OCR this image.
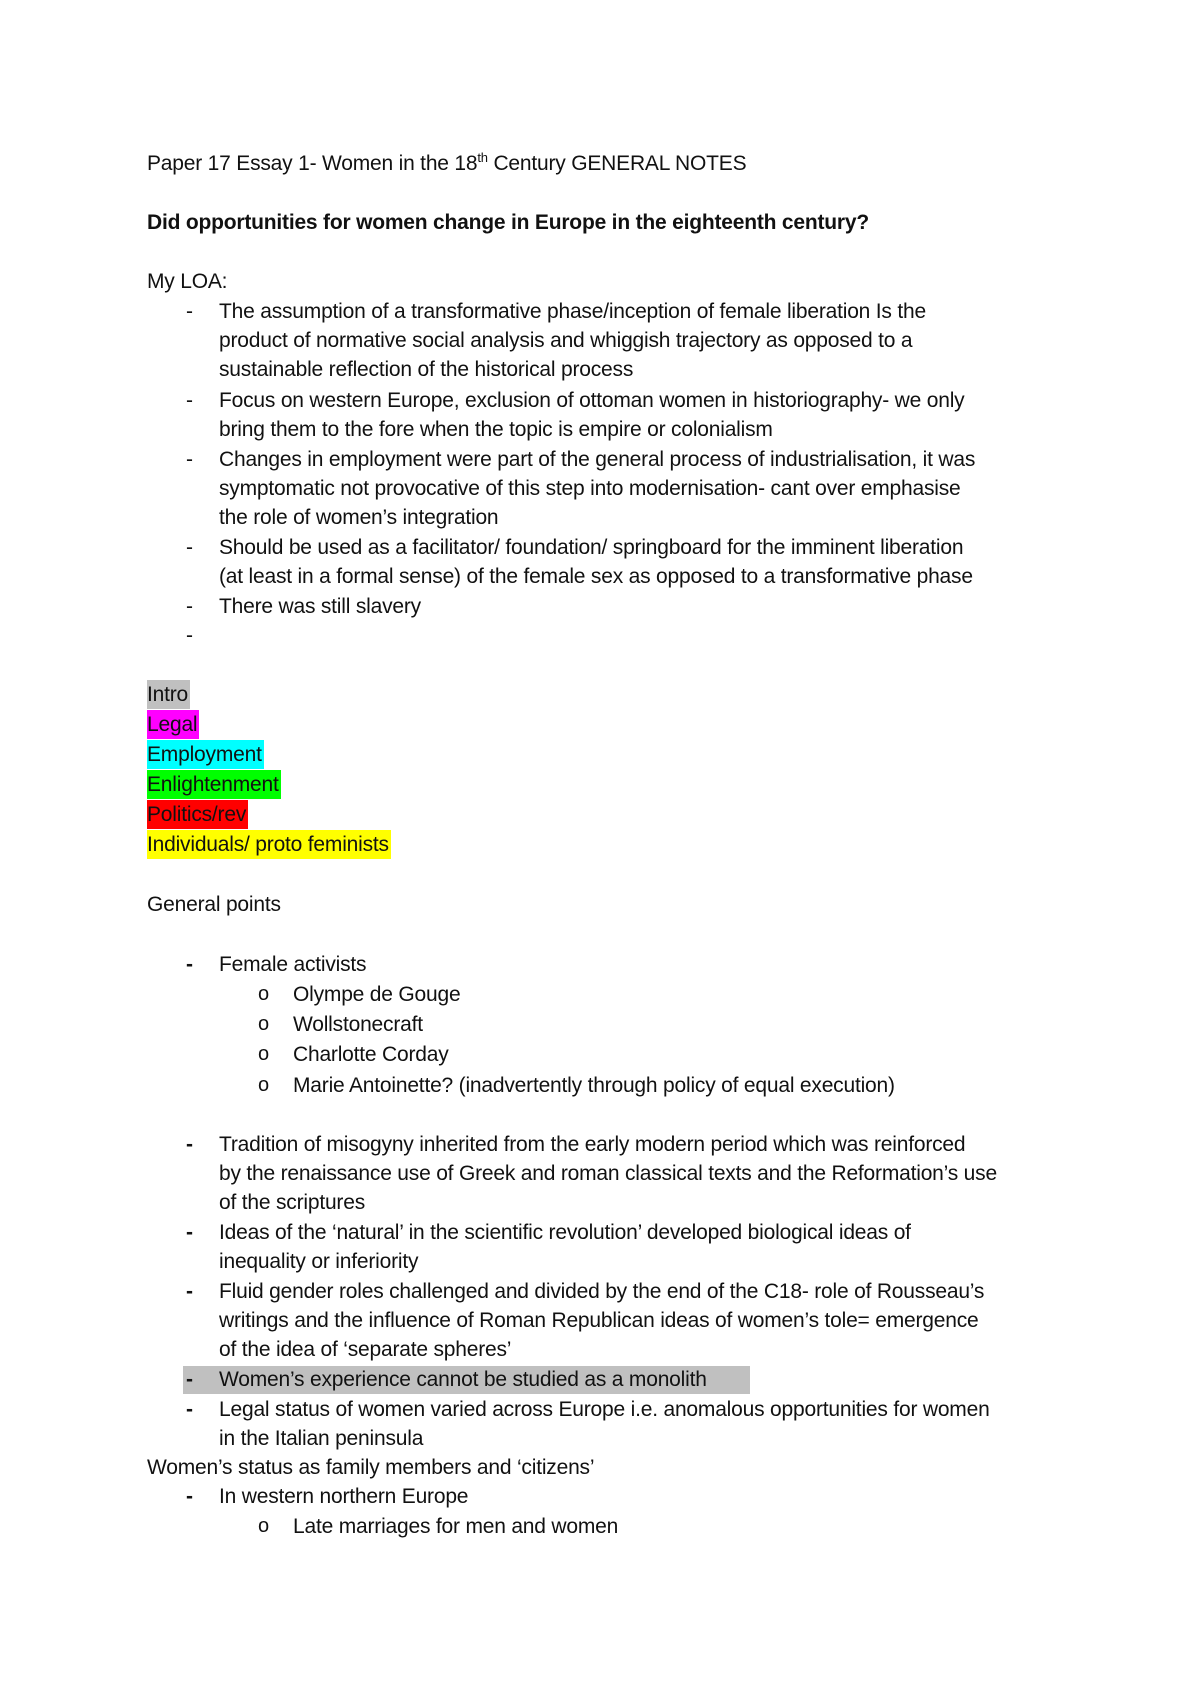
Paper 17 Essay 1- Women in the 18th Century GENERAL NOTES
Did opportunities for women change in Europe in the eighteenth century?
My LOA:
- The assumption of a transformative phase/inception of female liberation Is the
product of normative social analysis and whiggish trajectory as opposed to a
sustainable reflection of the historical process
- Focus on western Europe, exclusion of ottoman women in historiography- we only
bring them to the fore when the topic is empire or colonialism
- Changes in employment were part of the general process of industrialisation, it was
symptomatic not provocative of this step into modernisation- cant over emphasise
the role of women’s integration
- Should be used as a facilitator/ foundation/ springboard for the imminent liberation
(at least in a formal sense) of the female sex as opposed to a transformative phase
- There was still slavery
-
Intro
Legal
Employment
Enlightenment
Politics/rev
Individuals/ proto feminists
General points
- Female activists
o Olympe de Gouge
o Wollstonecraft
o Charlotte Corday
o Marie Antoinette? (inadvertently through policy of equal execution)
- Tradition of misogyny inherited from the early modern period which was reinforced
by the renaissance use of Greek and roman classical texts and the Reformation’s use
of the scriptures
- Ideas of the ‘natural’ in the scientific revolution’ developed biological ideas of
inequality or inferiority
- Fluid gender roles challenged and divided by the end of the C18- role of Rousseau’s
writings and the influence of Roman Republican ideas of women’s tole= emergence
of the idea of ‘separate spheres’
- Women’s experience cannot be studied as a monolith
- Legal status of women varied across Europe i.e. anomalous opportunities for women
in the Italian peninsula
Women’s status as family members and ‘citizens’
- In western northern Europe
o Late marriages for men and women
